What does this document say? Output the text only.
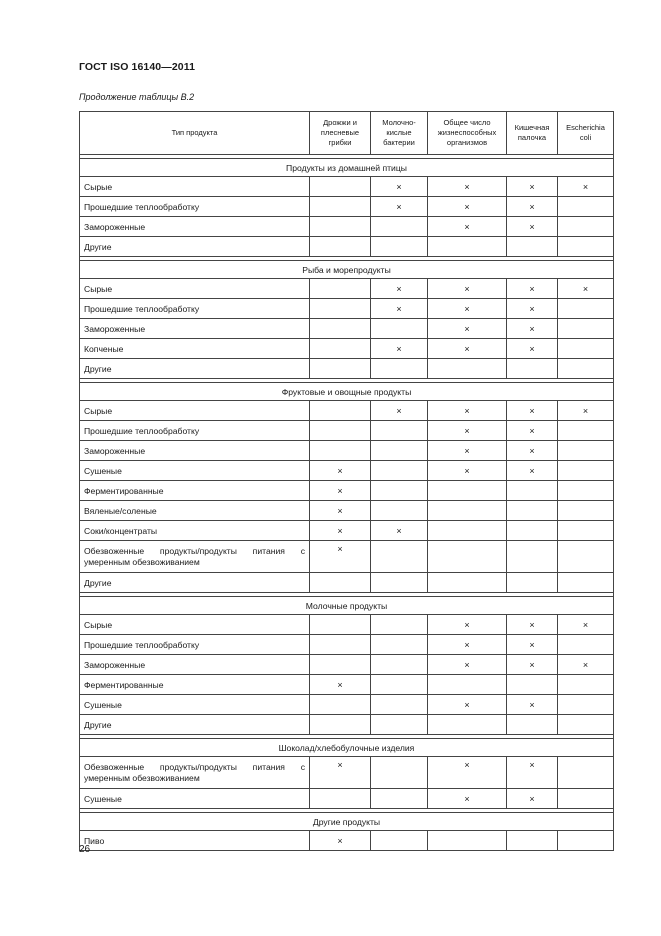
ГОСТ ISO 16140—2011
Продолжение таблицы В.2
Тип продукта	Дрожжи и плесневые грибки	Молочно-кислые бактерии	Общее число жизнеспособных организмов	Кишечная палочка	Escherichia coli

Продукты из домашней птицы					
Сырые		×	×	×	×
Прошедшие теплообработку		×	×	×	
Замороженные			×	×	
Другие					

Рыба и морепродукты					
Сырые		×	×	×	×
Прошедшие теплообработку		×	×	×	
Замороженные			×	×	
Копченые		×	×	×	
Другие					

Фруктовые и овощные продукты					
Сырые		×	×	×	×
Прошедшие теплообработку			×	×	
Замороженные			×	×	
Сушеные	×		×	×	
Ферментированные	×				
Вяленые/соленые	×				
Соки/концентраты	×	×			
Обезвоженные продукты/продукты питания с умеренным обезвоживанием	×				
Другие					

Молочные продукты					
Сырые			×	×	×
Прошедшие теплообработку			×	×	
Замороженные			×	×	×
Ферментированные	×				
Сушеные			×	×	
Другие					

Шоколад/хлебобулочные изделия					
Обезвоженные продукты/продукты питания с умеренным обезвоживанием	×		×	×	
Сушеные			×	×	

Другие продукты					
Пиво	×				
26
